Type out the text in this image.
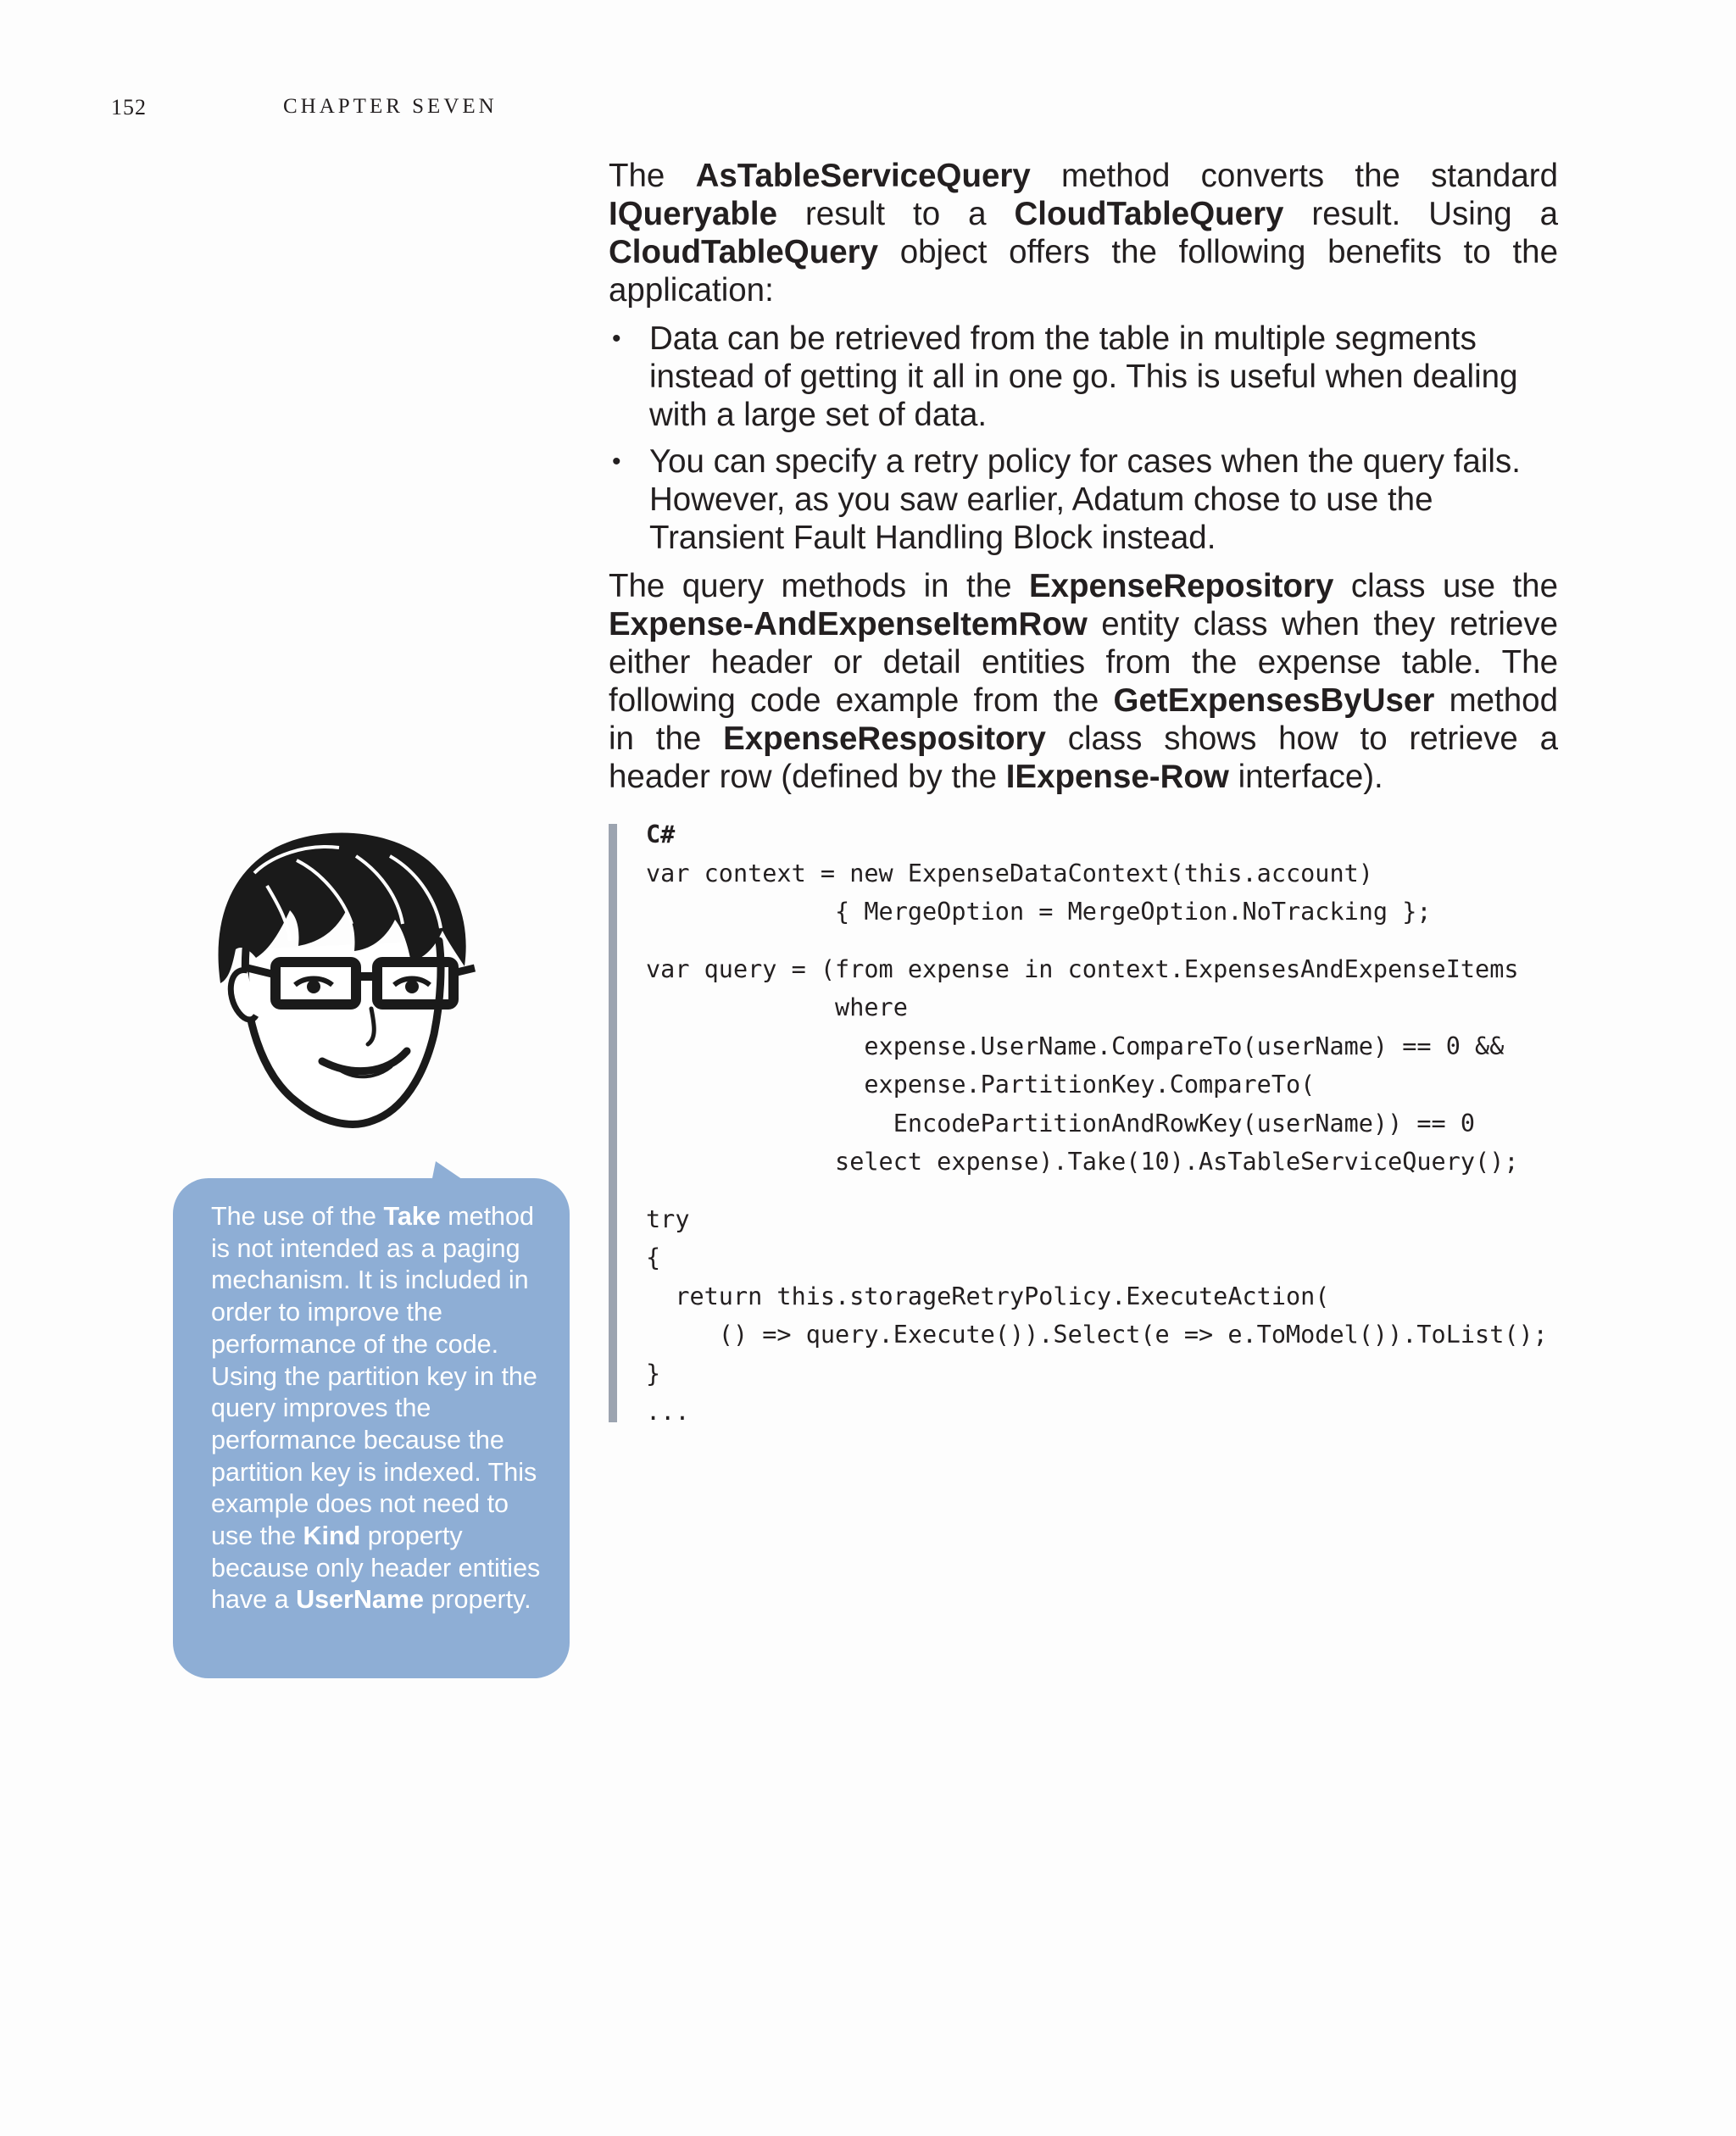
152	CHAPTER SEVEN

The AsTableServiceQuery method converts the standard IQueryable result to a CloudTableQuery result. Using a CloudTableQuery object offers the following benefits to the application:

• Data can be retrieved from the table in multiple segments instead of getting it all in one go. This is useful when dealing with a large set of data.
• You can specify a retry policy for cases when the query fails. However, as you saw earlier, Adatum chose to use the Transient Fault Handling Block instead.

The query methods in the ExpenseRepository class use the Expense-AndExpenseItemRow entity class when they retrieve either header or detail entities from the expense table. The following code example from the GetExpensesByUser method in the ExpenseRespository class shows how to retrieve a header row (defined by the IExpense-Row interface).

C#
var context = new ExpenseDataContext(this.account)
{ MergeOption = MergeOption.NoTracking };

var query = (from expense in context.ExpensesAndExpenseItems
where
expense.UserName.CompareTo(userName) == 0 &&
expense.PartitionKey.CompareTo(
EncodePartitionAndRowKey(userName)) == 0
select expense).Take(10).AsTableServiceQuery();

try
{
return this.storageRetryPolicy.ExecuteAction(
() => query.Execute()).Select(e => e.ToModel()).ToList();
}
...
The use of the Take method is not intended as a paging mechanism. It is included in order to improve the performance of the code. Using the partition key in the query improves the performance because the partition key is indexed. This example does not need to use the Kind property because only header entities have a UserName property.
